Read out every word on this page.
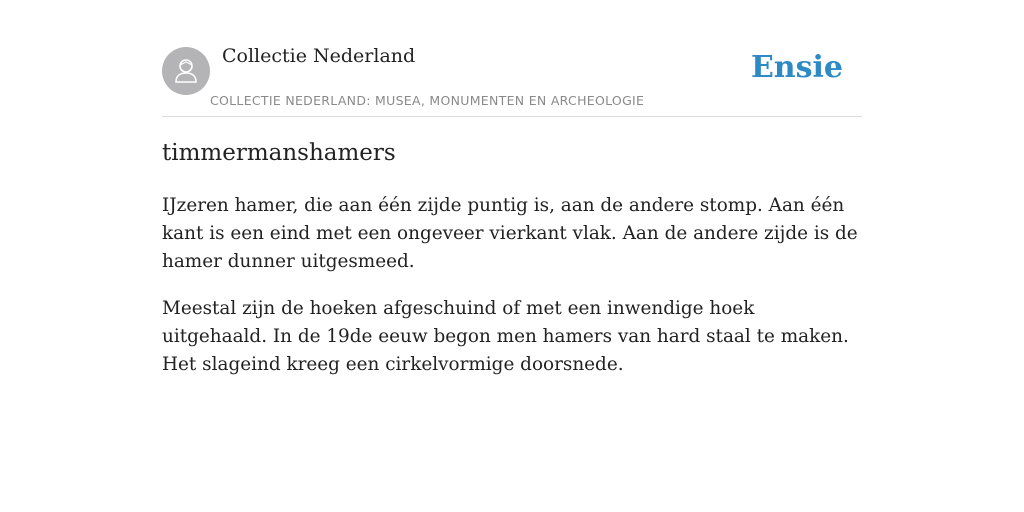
Collectie Nederland
COLLECTIE NEDERLAND: MUSEA, MONUMENTEN EN ARCHEOLOGIE
Ensie
timmermanshamers

IJzeren hamer, die aan één zijde puntig is, aan de andere stomp. Aan één kant is een eind met een ongeveer vierkant vlak. Aan de andere zijde is de hamer dunner uitgesmeed.

Meestal zijn de hoeken afgeschuind of met een inwendige hoek uitgehaald. In de 19de eeuw begon men hamers van hard staal te maken. Het slageind kreeg een cirkelvormige doorsnede.
